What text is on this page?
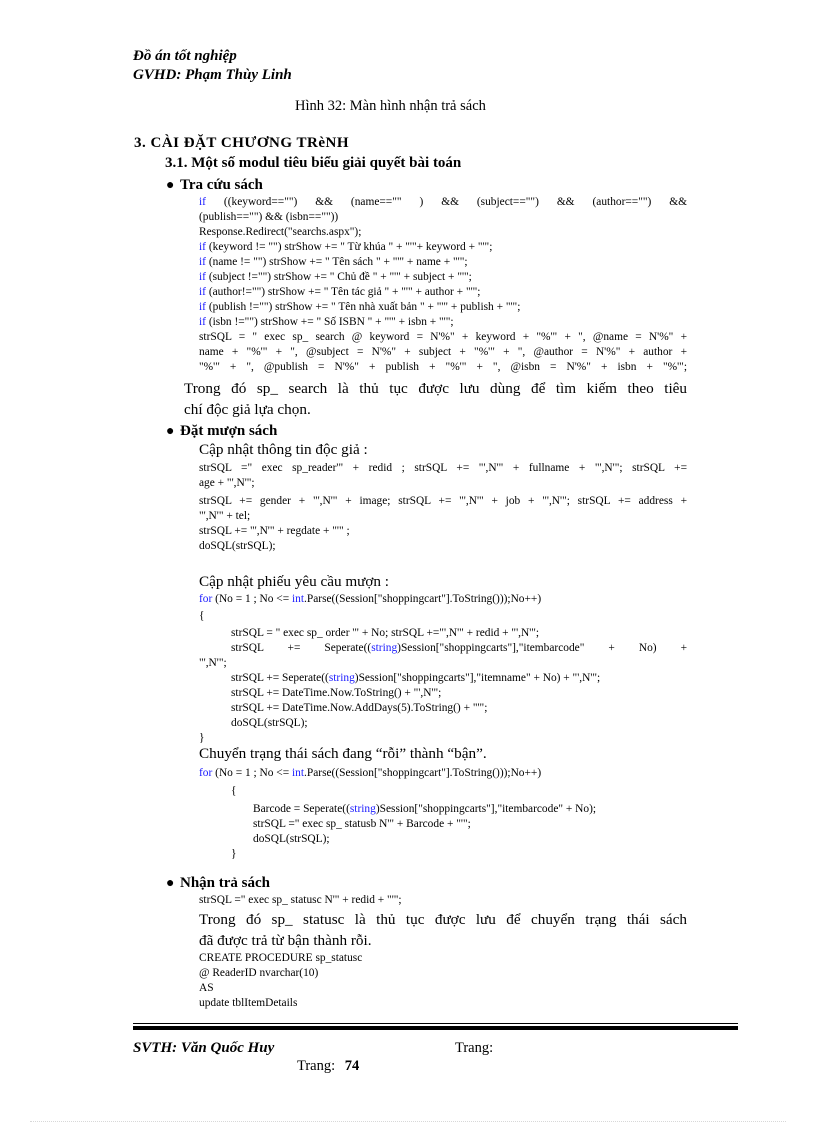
Đồ án tốt nghiệp
GVHD: Phạm Thùy Linh
Hình 32: Màn hình nhận trả sách
3. CÀI ĐẶT CHƯƠNG TRèNH
3.1. Một số modul tiêu biểu giải quyết bài toán
● Tra cứu sách
if ((keyword=="") && (name=="" ) && (subject=="") && (author=="") &&
(publish=="") && (isbn==""))
Response.Redirect("searchs.aspx");
if (keyword != "") strShow += " Từ khúa " + "'"+ keyword + "'";
if (name != "") strShow += " Tên sách " + "'" + name + "'";
if (subject !="") strShow += " Chủ đề " + "'" + subject + "'";
if (author!="") strShow += " Tên tác giả " + "'" + author + "'";
if (publish !="") strShow += " Tên nhà xuất bản " + "'" + publish + "'";
if (isbn !="") strShow += " Số ISBN " + "'" + isbn + "'";
strSQL = " exec sp_ search @ keyword = N'%" + keyword + "%'" + ", @name = N'%" +
name + "%'" + ", @subject = N'%" + subject + "%'" + ", @author = N'%" + author +
"%'" + ", @publish = N'%" + publish + "%'" + ", @isbn = N'%" + isbn + "%'";
Trong đó sp_ search là thủ tục được lưu dùng để tìm kiếm theo tiêu
chí độc giả lựa chọn.
● Đặt mượn sách
Cập nhật thông tin độc giả :
strSQL =" exec sp_reader'" + redid ; strSQL += "',N'" + fullname + "',N'"; strSQL +=
age + "',N'";
strSQL += gender + "',N'" + image; strSQL += "',N'" + job + "',N'"; strSQL += address +
"',N'" + tel;
strSQL += "',N'" + regdate + "'" ;
doSQL(strSQL);
Cập nhật phiếu yêu cầu mượn :
for (No = 1 ; No <= int.Parse((Session["shoppingcart"].ToString()));No++)
{
strSQL = " exec sp_ order '" + No; strSQL +="',N'" + redid + "',N'";
strSQL += Seperate((string)Session["shoppingcarts"],"itembarcode" + No) +
"',N'";
strSQL += Seperate((string)Session["shoppingcarts"],"itemname" + No) + "',N'";
strSQL += DateTime.Now.ToString() + "',N'";
strSQL += DateTime.Now.AddDays(5).ToString() + "'";
doSQL(strSQL);
}
Chuyển trạng thái sách đang “rỗi” thành “bận”.
for (No = 1 ; No <= int.Parse((Session["shoppingcart"].ToString()));No++)
{
Barcode = Seperate((string)Session["shoppingcarts"],"itembarcode" + No);
strSQL =" exec sp_ statusb N'" + Barcode + "'";
doSQL(strSQL);
}
● Nhận trả sách
strSQL =" exec sp_ statusc N'" + redid + "'";
Trong đó sp_ statusc là thủ tục được lưu để chuyển trạng thái sách
đã được trả từ bận thành rỗi.
CREATE PROCEDURE sp_statusc
@ ReaderID nvarchar(10)
AS
update tblItemDetails
SVTH: Văn Quốc Huy	Trang:
Trang: 74
